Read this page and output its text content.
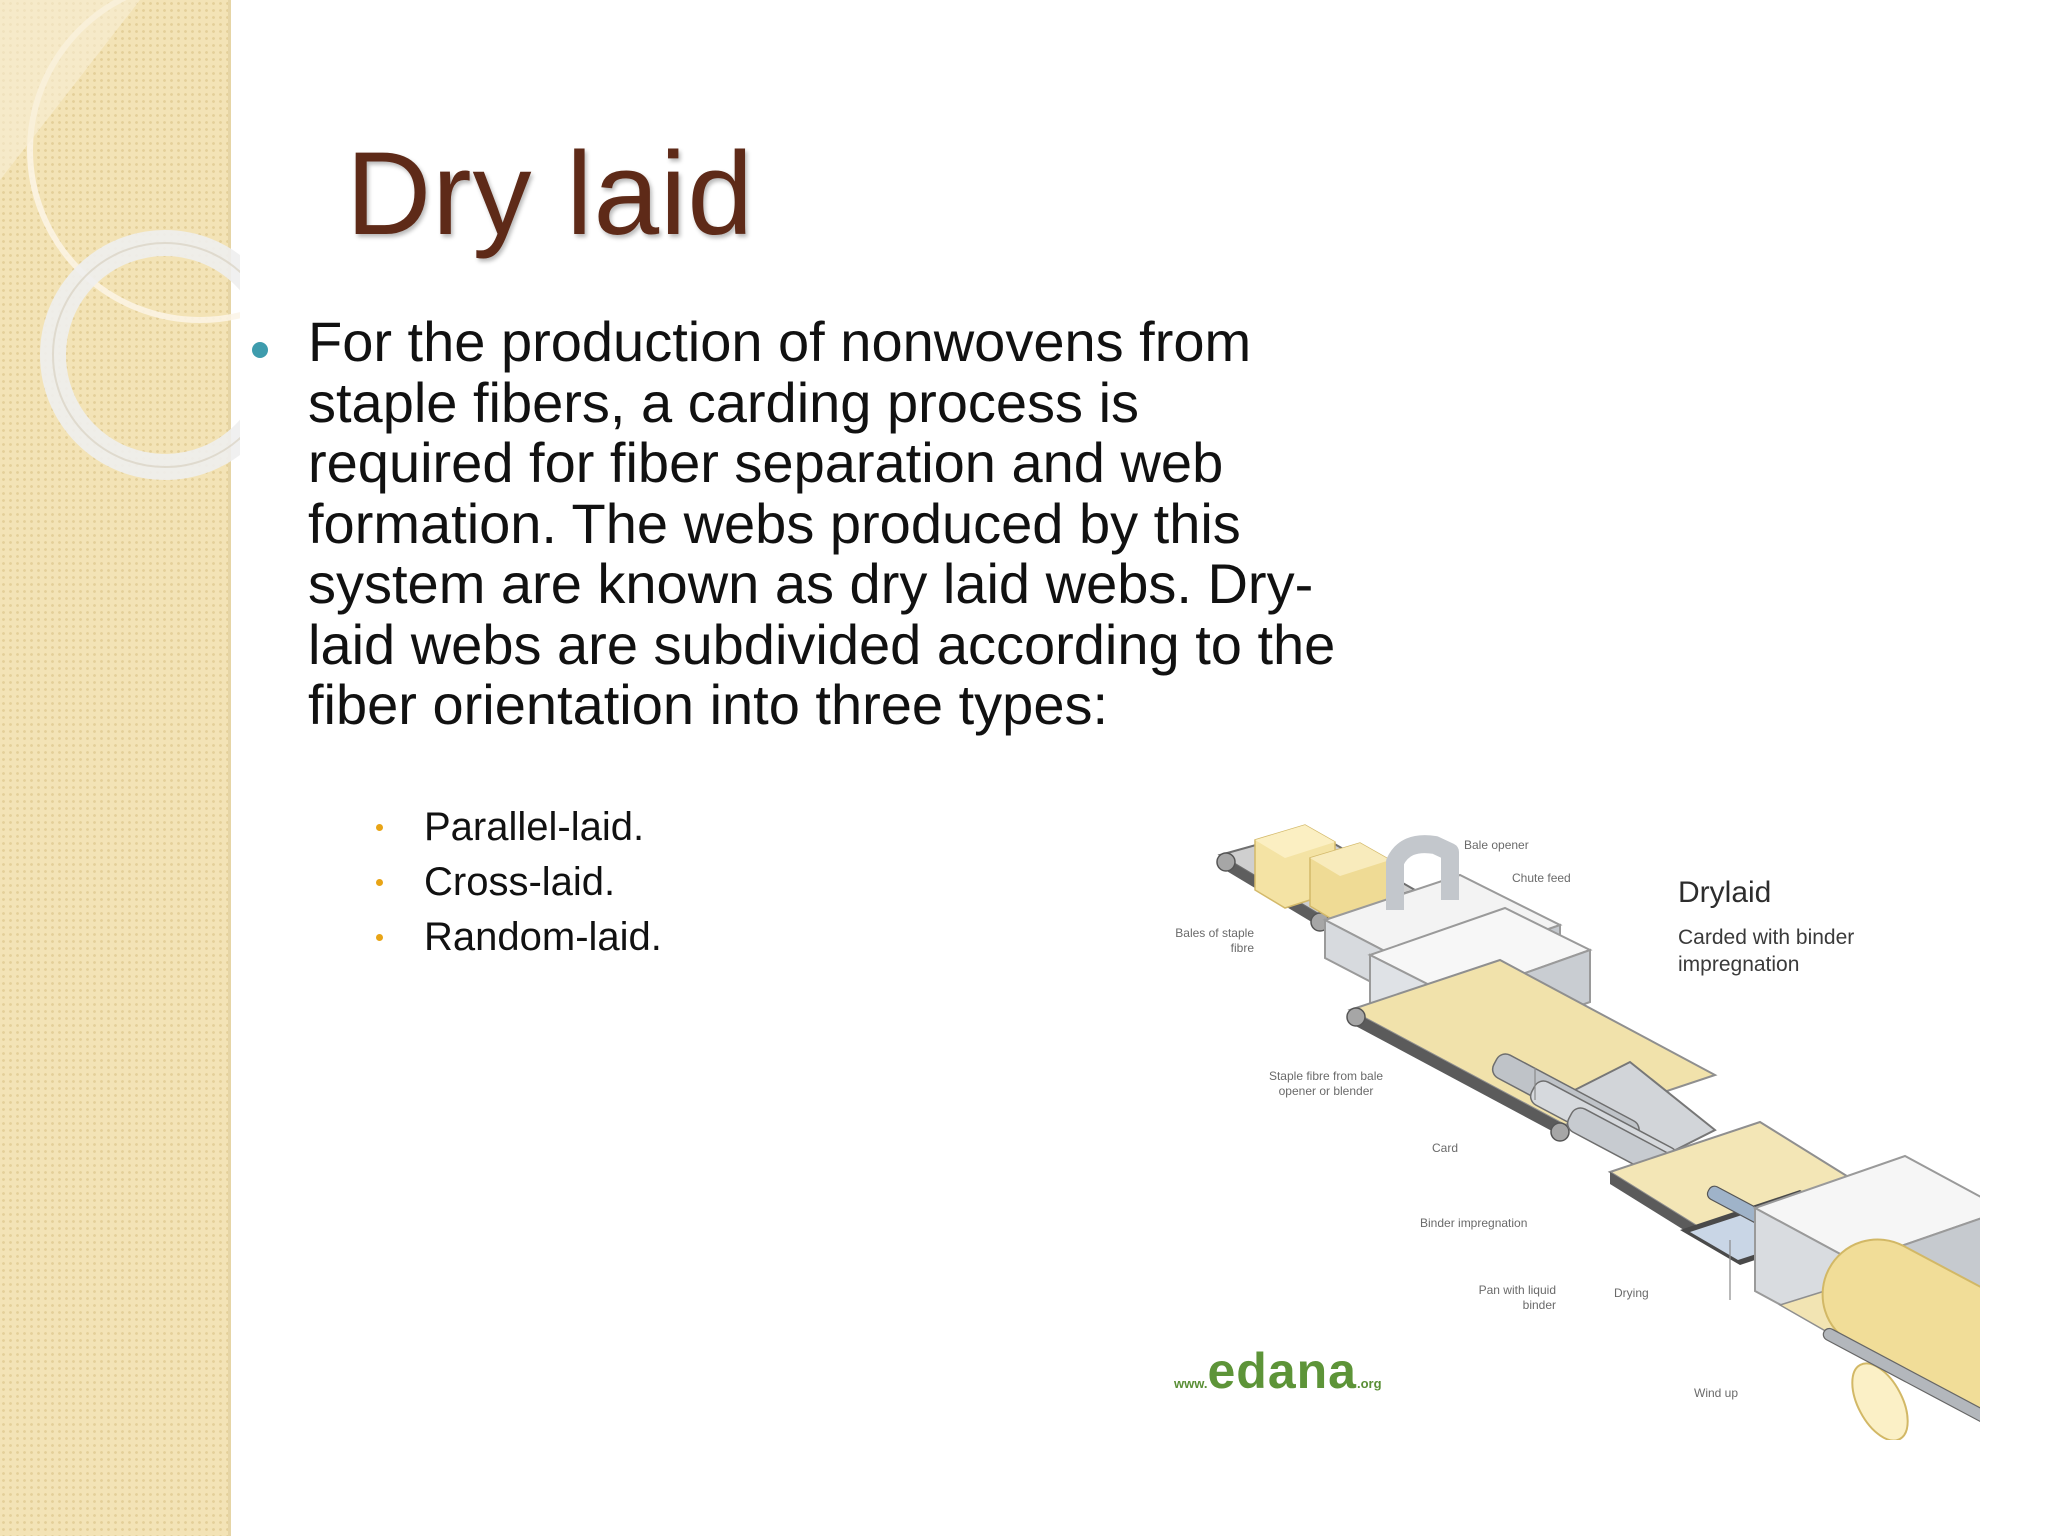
Dry laid

For the production of nonwovens from staple fibers, a carding process is required for fiber separation and web formation. The webs produced by this system are known as dry laid webs. Dry-laid webs are subdivided according to the fiber orientation into three types:

Parallel-laid.
Cross-laid.
Random-laid.

Drylaid

Carded with binder impregnation

Bale opener
Chute feed
Bales of staple fibre
Staple fibre from bale opener or blender
Card
Binder impregnation
Pan with liquid binder
Drying
Wind up
www.edana.org
